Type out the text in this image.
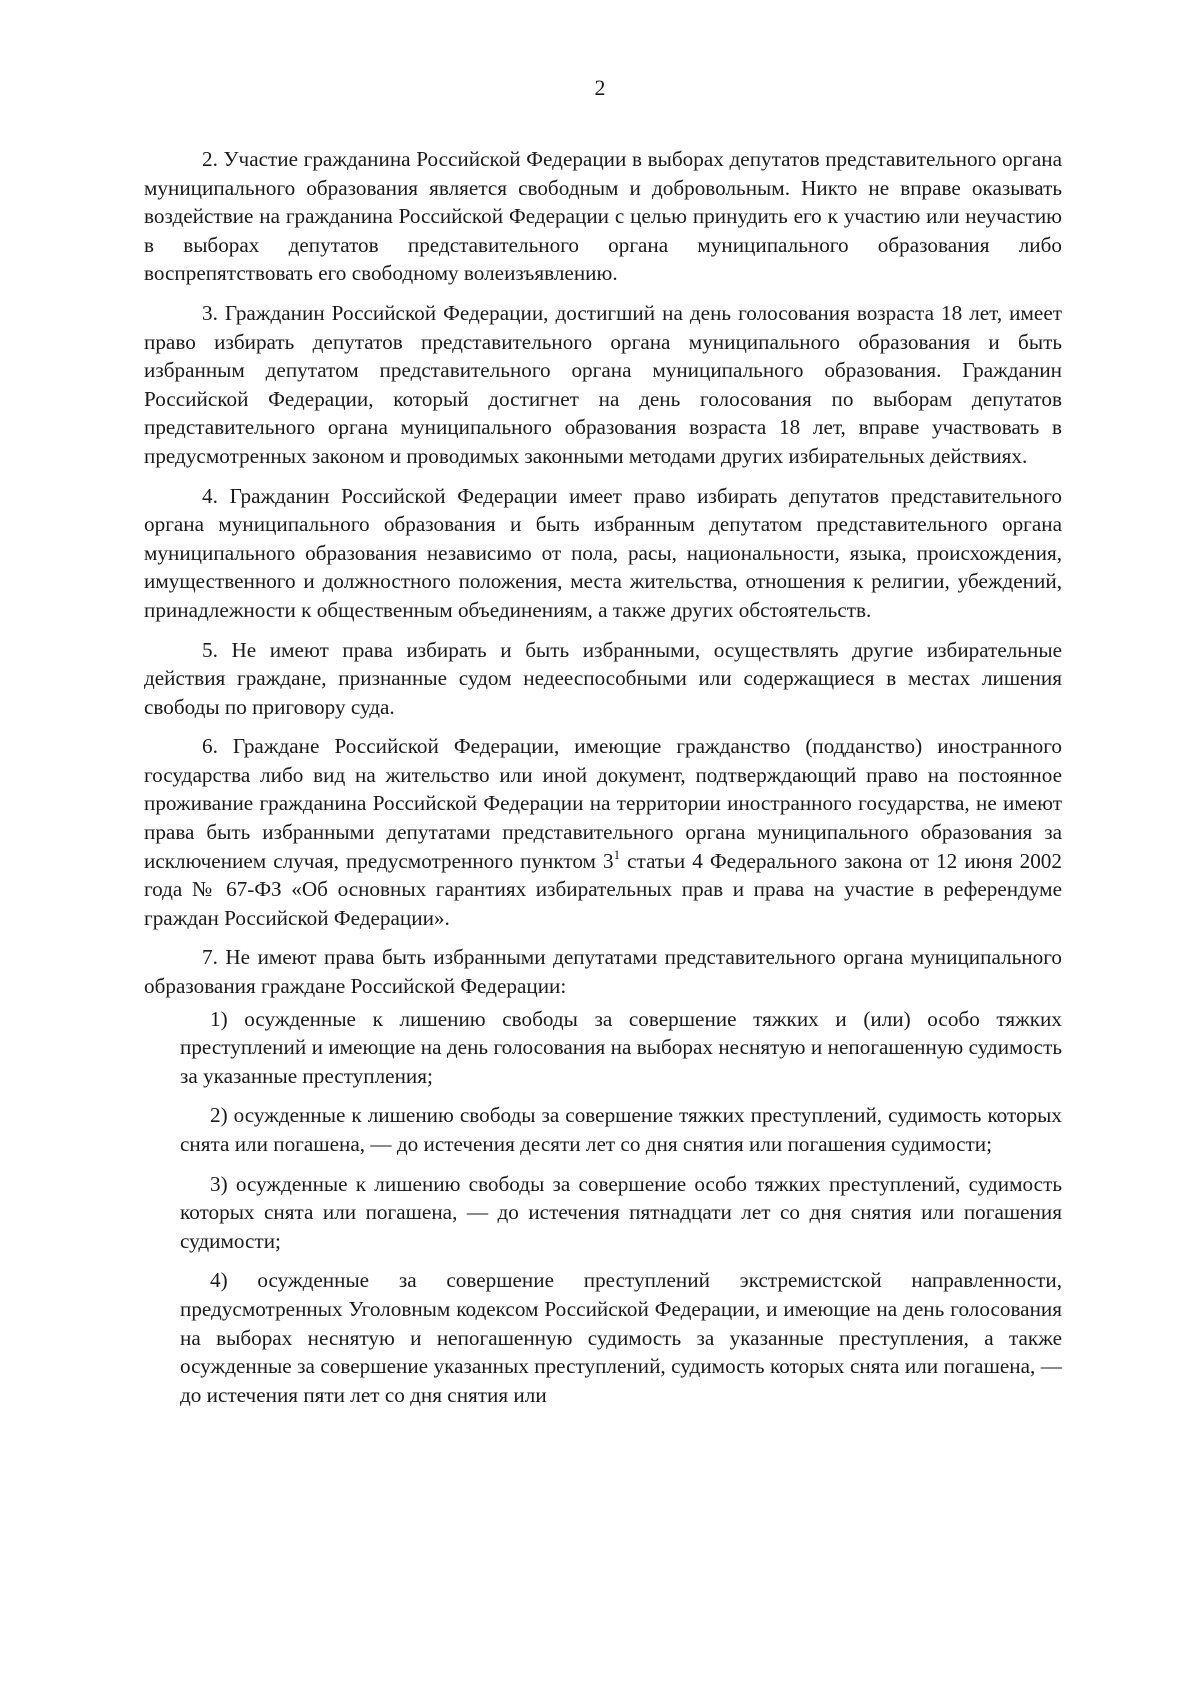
2

2. Участие гражданина Российской Федерации в выборах депутатов представительного органа муниципального образования является свободным и добровольным. Никто не вправе оказывать воздействие на гражданина Российской Федерации с целью принудить его к участию или неучастию в выборах депутатов представительного органа муниципального образования либо воспрепятствовать его свободному волеизъявлению.

3. Гражданин Российской Федерации, достигший на день голосования возраста 18 лет, имеет право избирать депутатов представительного органа муниципального образования и быть избранным депутатом представительного органа муниципального образования. Гражданин Российской Федерации, который достигнет на день голосования по выборам депутатов представительного органа муниципального образования возраста 18 лет, вправе участвовать в предусмотренных законом и проводимых законными методами других избирательных действиях.

4. Гражданин Российской Федерации имеет право избирать депутатов представительного органа муниципального образования и быть избранным депутатом представительного органа муниципального образования независимо от пола, расы, национальности, языка, происхождения, имущественного и должностного положения, места жительства, отношения к религии, убеждений, принадлежности к общественным объединениям, а также других обстоятельств.

5. Не имеют права избирать и быть избранными, осуществлять другие избирательные действия граждане, признанные судом недееспособными или содержащиеся в местах лишения свободы по приговору суда.

6. Граждане Российской Федерации, имеющие гражданство (подданство) иностранного государства либо вид на жительство или иной документ, подтверждающий право на постоянное проживание гражданина Российской Федерации на территории иностранного государства, не имеют права быть избранными депутатами представительного органа муниципального образования за исключением случая, предусмотренного пунктом $3^1$ статьи 4 Федерального закона от 12 июня 2002 года № 67-ФЗ «Об основных гарантиях избирательных прав и права на участие в референдуме граждан Российской Федерации».

7. Не имеют права быть избранными депутатами представительного органа муниципального образования граждане Российской Федерации:

1) осужденные к лишению свободы за совершение тяжких и (или) особо тяжких преступлений и имеющие на день голосования на выборах неснятую и непогашенную судимость за указанные преступления;

2) осужденные к лишению свободы за совершение тяжких преступлений, судимость которых снята или погашена, — до истечения десяти лет со дня снятия или погашения судимости;

3) осужденные к лишению свободы за совершение особо тяжких преступлений, судимость которых снята или погашена, — до истечения пятнадцати лет со дня снятия или погашения судимости;

4) осужденные за совершение преступлений экстремистской направленности, предусмотренных Уголовным кодексом Российской Федерации, и имеющие на день голосования на выборах неснятую и непогашенную судимость за указанные преступления, а также осужденные за совершение указанных преступлений, судимость которых снята или погашена, — до истечения пяти лет со дня снятия или
